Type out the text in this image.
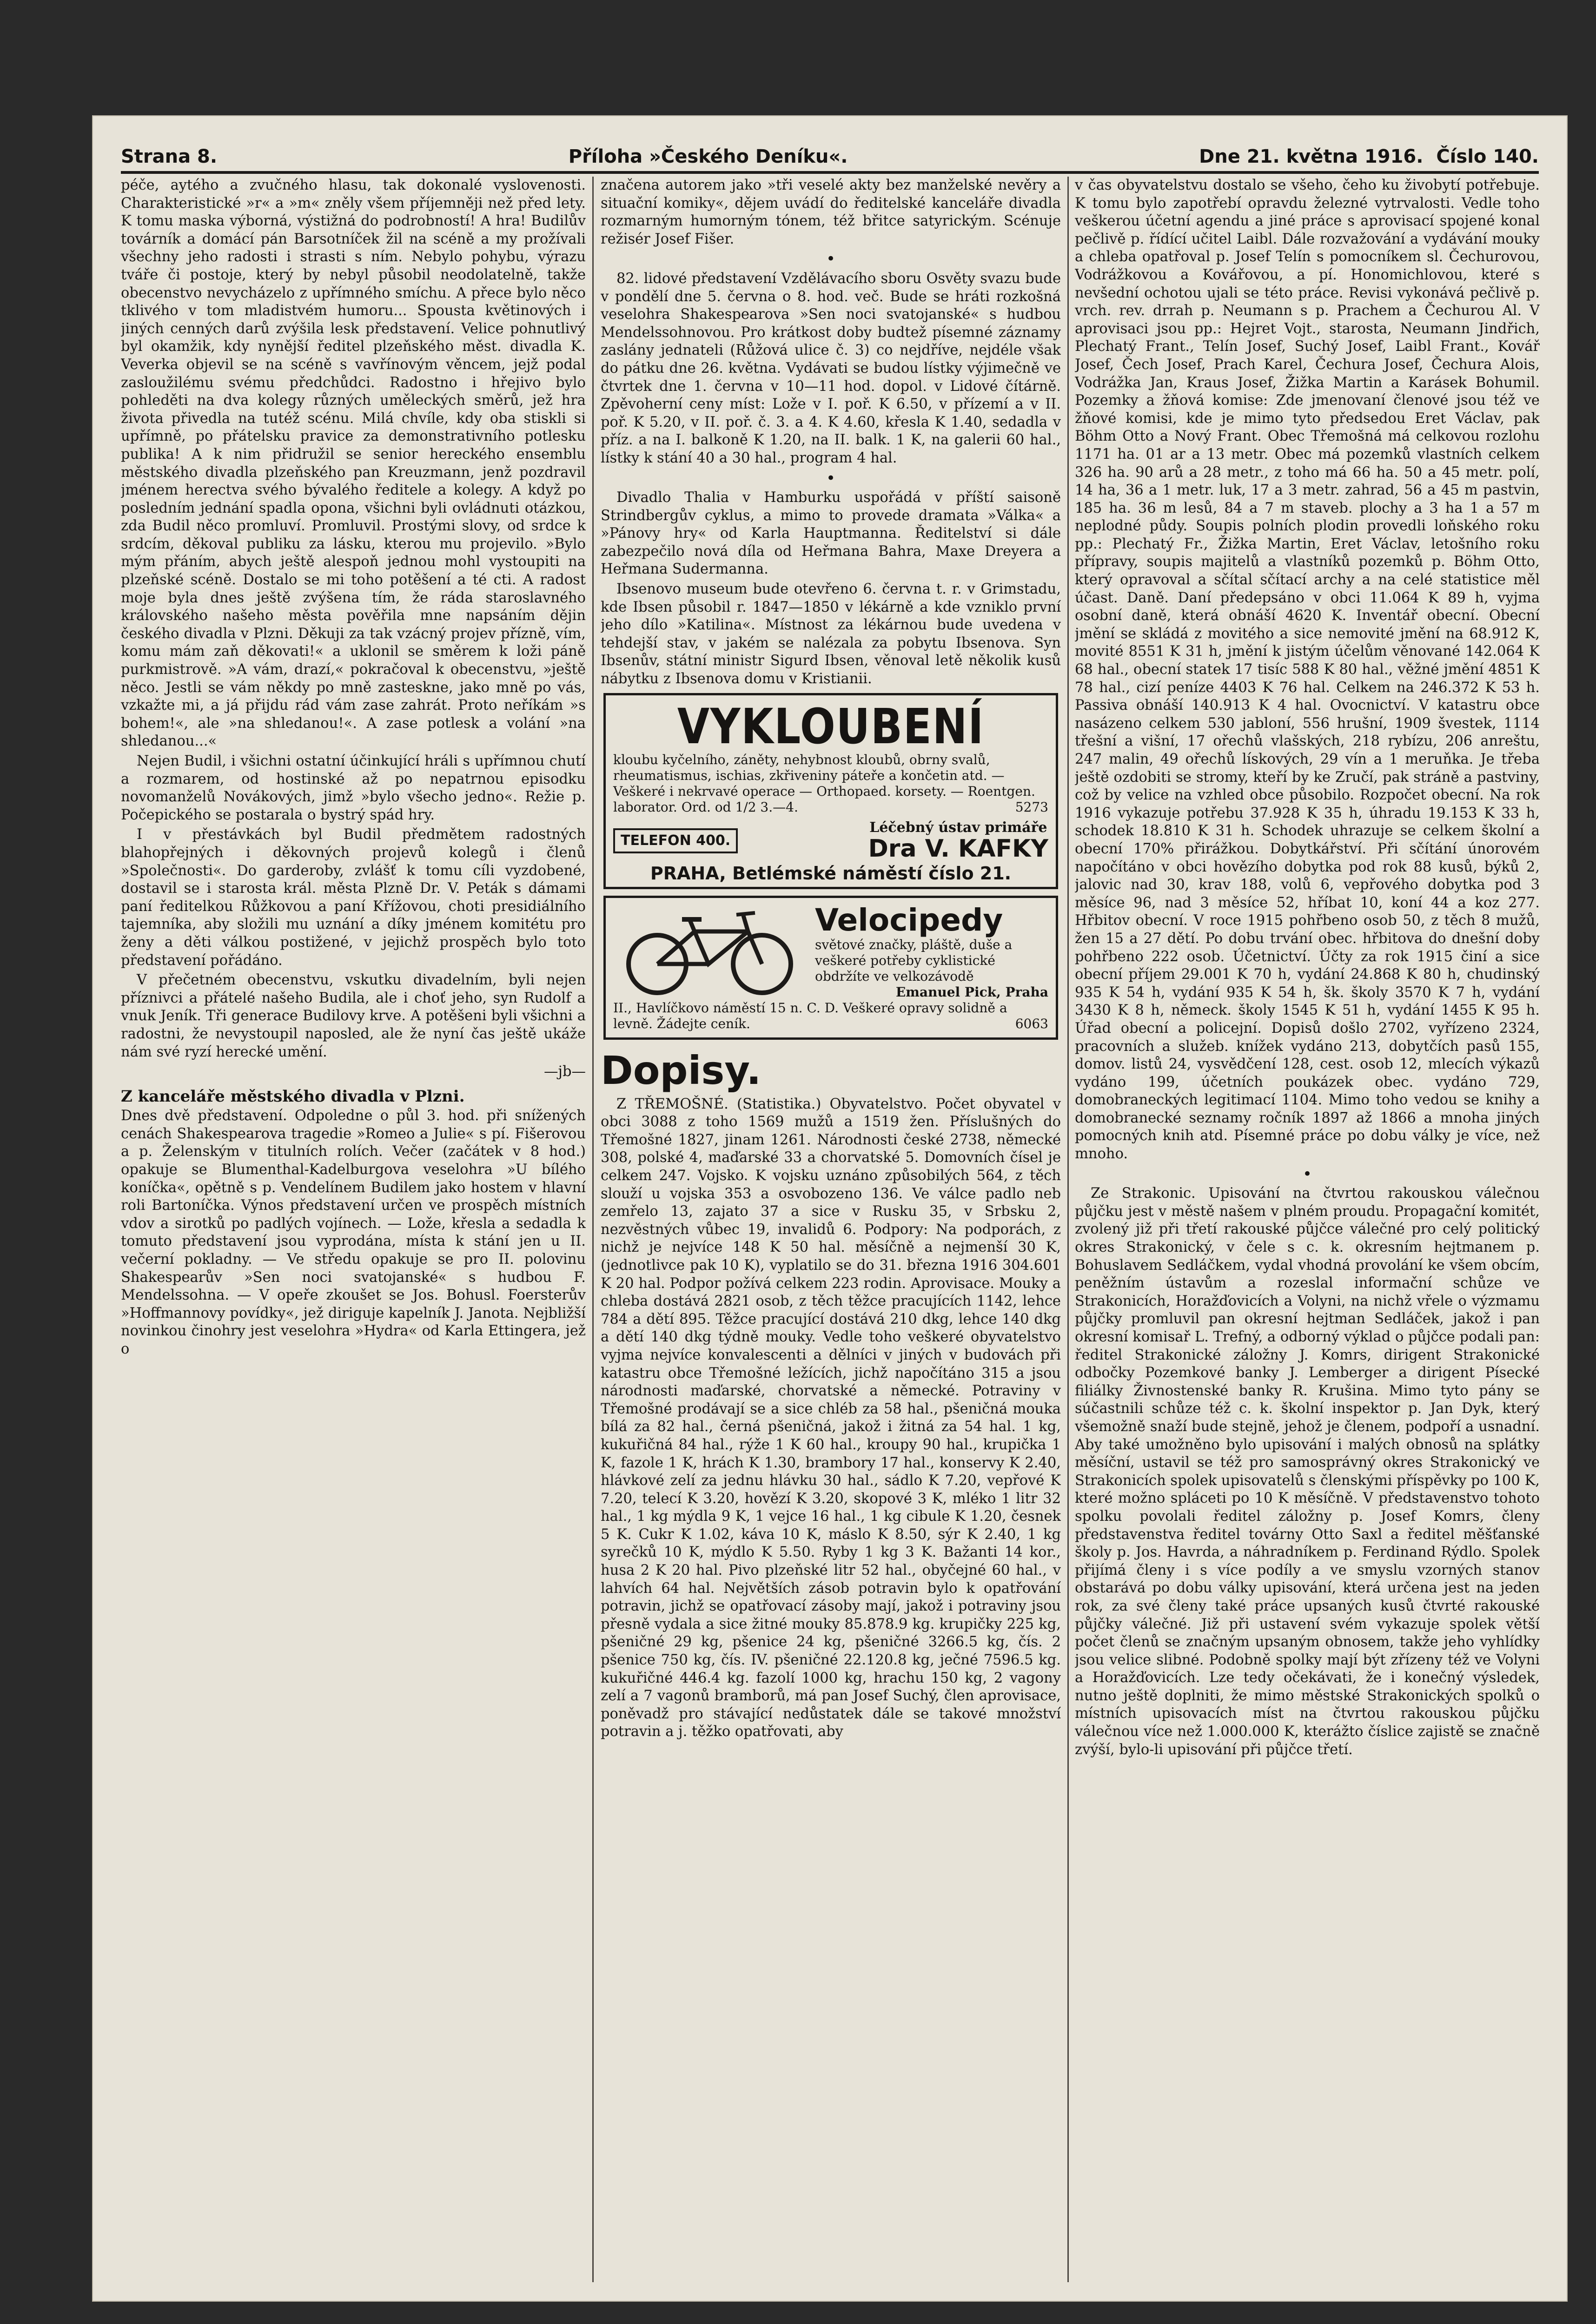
Strana 8.	Příloha »Českého Deníku«.	Dne 21. května 1916. Číslo 140.

péče, aytého a zvučného hlasu, tak dokonalé vyslovenosti. Charakteristické »r« a »m« zněly všem příjemněji než před lety. K tomu maska výborná, výstižná do podrobností! A hra! Budilův továrník a domácí pán Barsotníček žil na scéně a my prožívali všechny jeho radosti i strasti s ním. Nebylo pohybu, výrazu tváře či postoje, který by nebyl působil neodolatelně, takže obecenstvo nevycházelo z upřímného smíchu. A přece bylo něco tklivého v tom mladistvém humoru... Spousta květinových i jiných cenných darů zvýšila lesk představení. Velice pohnutlivý byl okamžik, kdy nynější ředitel plzeňského měst. divadla K. Veverka objevil se na scéně s vavřínovým věncem, jejž podal zasloužilému svému předchůdci. Radostno i hřejivo bylo pohleděti na dva kolegy různých uměleckých směrů, jež hra života přivedla na tutéž scénu. Milá chvíle, kdy oba stiskli si upřímně, po přátelsku pravice za demonstrativního potlesku publika! A k nim přidružil se senior hereckého ensemblu městského divadla plzeňského pan Kreuzmann, jenž pozdravil jménem herectva svého bývalého ředitele a kolegy. A když po posledním jednání spadla opona, všichni byli ovládnuti otázkou, zda Budil něco promluví. Promluvil. Prostými slovy, od srdce k srdcím, děkoval publiku za lásku, kterou mu projevilo. »Bylo mým přáním, abych ještě alespoň jednou mohl vystoupiti na plzeňské scéně. Dostalo se mi toho potěšení a té cti. A radost moje byla dnes ještě zvýšena tím, že ráda staroslavného královského našeho města pověřila mne napsáním dějin českého divadla v Plzni. Děkuji za tak vzácný projev přízně, vím, komu mám zaň děkovati!« a uklonil se směrem k loži páně purkmistrově. »A vám, drazí,« pokračoval k obecenstvu, »ještě něco. Jestli se vám někdy po mně zasteskne, jako mně po vás, vzkažte mi, a já přijdu rád vám zase zahrát. Proto neříkám »s bohem!«, ale »na shledanou!«. A zase potlesk a volání »na shledanou...«

Nejen Budil, i všichni ostatní účinkující hráli s upřímnou chutí a rozmarem, od hostinské až po nepatrnou episodku novomanželů Novákových, jimž »bylo všecho jedno«. Režie p. Počepického se postarala o bystrý spád hry.

I v přestávkách byl Budil předmětem radostných blahopřejných i děkovných projevů kolegů i členů »Společnosti«. Do garderoby, zvlášť k tomu cíli vyzdobené, dostavil se i starosta král. města Plzně Dr. V. Peták s dámami paní ředitelkou Růžkovou a paní Křížovou, choti presidiálního tajemníka, aby složili mu uznání a díky jménem komitétu pro ženy a děti válkou postižené, v jejichž prospěch bylo toto představení pořádáno.

V přečetném obecenstvu, vskutku divadelním, byli nejen příznivci a přátelé našeho Budila, ale i choť jeho, syn Rudolf a vnuk Jeník. Tři generace Budilovy krve. A potěšeni byli všichni a radostni, že nevystoupil naposled, ale že nyní čas ještě ukáže nám své ryzí herecké umění.

—jb—

Z kanceláře městského divadla v Plzni.

Dnes dvě představení. Odpoledne o půl 3. hod. při snížených cenách Shakespearova tragedie »Romeo a Julie« s pí. Fišerovou a p. Želenským v titulních rolích. Večer (začátek v 8 hod.) opakuje se Blumenthal-Kadelburgova veselohra »U bílého koníčka«, opětně s p. Vendelínem Budilem jako hostem v hlavní roli Bartoníčka. Výnos představení určen ve prospěch místních vdov a sirotků po padlých vojínech. — Lože, křesla a sedadla k tomuto představení jsou vyprodána, místa k stání jen u II. večerní pokladny. — Ve středu opakuje se pro II. polovinu Shakespearův »Sen noci svatojanské« s hudbou F. Mendelssohna. — V opeře zkoušet se Jos. Bohusl. Foersterův »Hoffmannovy povídky«, jež diriguje kapelník J. Janota. Nejbližší novinkou činohry jest veselohra »Hydra« od Karla Ettingera, jež o

značena autorem jako »tři veselé akty bez manželské nevěry a situační komiky«, dějem uvádí do ředitelské kanceláře divadla rozmarným humorným tónem, též břitce satyrickým. Scénuje režisér Josef Fišer.

•

82. lidové představení Vzdělávacího sboru Osvěty svazu bude v pondělí dne 5. června o 8. hod. več. Bude se hráti rozkošná veselohra Shakespearova »Sen noci svatojanské« s hudbou Mendelssohnovou. Pro krátkost doby budtež písemné záznamy zaslány jednateli (Růžová ulice č. 3) co nejdříve, nejdéle však do pátku dne 26. května. Vydávati se budou lístky výjimečně ve čtvrtek dne 1. června v 10—11 hod. dopol. v Lidové čítárně. Zpěvoherní ceny míst: Lože v I. poř. K 6.50, v přízemí a v II. poř. K 5.20, v II. poř. č. 3. a 4. K 4.60, křesla K 1.40, sedadla v příz. a na I. balkoně K 1.20, na II. balk. 1 K, na galerii 60 hal., lístky k stání 40 a 30 hal., program 4 hal.

•

Divadlo Thalia v Hamburku uspořádá v příští saisoně Strindbergův cyklus, a mimo to provede dramata »Válka« a »Pánovy hry« od Karla Hauptmanna. Ředitelství si dále zabezpečilo nová díla od Heřmana Bahra, Maxe Dreyera a Heřmana Sudermanna.

Ibsenovo museum bude otevřeno 6. června t. r. v Grimstadu, kde Ibsen působil r. 1847—1850 v lékárně a kde vzniklo první jeho dílo »Katilina«. Místnost za lékárnou bude uvedena v tehdejší stav, v jakém se nalézala za pobytu Ibsenova. Syn Ibsenův, státní ministr Sigurd Ibsen, věnoval letě několik kusů nábytku z Ibsenova domu v Kristianii.

VYKLOUBENÍ
kloubu kyčelního, záněty, nehybnost kloubů, obrny svalů, rheumatismus, ischias, zkřiveniny páteře a končetin atd. — Veškeré i nekrvavé operace — Orthopaed. korsety. — Roentgen. laborator. Ord. od 1/2 3.—4.	5273
TELEFON 400.
Léčebný ústav primáře
Dra V. KAFKY
PRAHA, Betlémské náměstí číslo 21.
Velocipedy
světové značky, pláště, duše a veškeré potřeby cyklistické obdržíte ve velkozávodě
Emanuel Pick, Praha
II., Havlíčkovo náměstí 15 n. C. D. Veškeré opravy solidně a levně. Žádejte ceník.	6063
Dopisy.

Z TŘEMOŠNÉ. (Statistika.) Obyvatelstvo. Počet obyvatel v obci 3088 z toho 1569 mužů a 1519 žen. Příslušných do Třemošné 1827, jinam 1261. Národnosti české 2738, německé 308, polské 4, maďarské 33 a chorvatské 5. Domovních čísel je celkem 247. Vojsko. K vojsku uznáno způsobilých 564, z těch slouží u vojska 353 a osvobozeno 136. Ve válce padlo neb zemřelo 13, zajato 37 a sice v Rusku 35, v Srbsku 2, nezvěstných vůbec 19, invalidů 6. Podpory: Na podporách, z nichž je nejvíce 148 K 50 hal. měsíčně a nejmenší 30 K, (jednotlivce pak 10 K), vyplatilo se do 31. března 1916 304.601 K 20 hal. Podpor požívá celkem 223 rodin. Aprovisace. Mouky a chleba dostává 2821 osob, z těch těžce pracujících 1142, lehce 784 a dětí 895. Těžce pracující dostává 210 dkg, lehce 140 dkg a dětí 140 dkg týdně mouky. Vedle toho veškeré obyvatelstvo vyjma nejvíce konvalescenti a dělníci v jiných v budovách při katastru obce Třemošné ležících, jichž napočítáno 315 a jsou národnosti maďarské, chorvatské a německé. Potraviny v Třemošné prodávají se a sice chléb za 58 hal., pšeničná mouka bílá za 82 hal., černá pšeničná, jakož i žitná za 54 hal. 1 kg, kukuřičná 84 hal., rýže 1 K 60 hal., kroupy 90 hal., krupička 1 K, fazole 1 K, hrách K 1.30, brambory 17 hal., konservy K 2.40, hlávkové zelí za jednu hlávku 30 hal., sádlo K 7.20, vepřové K 7.20, telecí K 3.20, hovězí K 3.20, skopové 3 K, mléko 1 litr 32 hal., 1 kg mýdla 9 K, 1 vejce 16 hal., 1 kg cibule K 1.20, česnek 5 K. Cukr K 1.02, káva 10 K, máslo K 8.50, sýr K 2.40, 1 kg syrečků 10 K, mýdlo K 5.50. Ryby 1 kg 3 K. Bažanti 14 kor., husa 2 K 20 hal. Pivo plzeňské litr 52 hal., obyčejné 60 hal., v lahvích 64 hal. Největších zásob potravin bylo k opatřování potravin, jichž se opatřovací zásoby mají, jakož i potraviny jsou přesně vydala a sice žitné mouky 85.878.9 kg. krupičky 225 kg, pšeničné 29 kg, pšenice 24 kg, pšeničné 3266.5 kg, čís. 2 pšenice 750 kg, čís. IV. pšeničné 22.120.8 kg, ječné 7596.5 kg. kukuřičné 446.4 kg. fazolí 1000 kg, hrachu 150 kg, 2 vagony zelí a 7 vagonů bramborů, má pan Josef Suchý, člen aprovisace, poněvadž pro stávající nedůstatek dále se takové množství potravin a j. těžko opatřovati, aby

v čas obyvatelstvu dostalo se všeho, čeho ku živobytí potřebuje. K tomu bylo zapotřebí opravdu železné vytrvalosti. Vedle toho veškerou účetní agendu a jiné práce s aprovisací spojené konal pečlivě p. řídící učitel Laibl. Dále rozvažování a vydávání mouky a chleba opatřoval p. Josef Telín s pomocníkem sl. Čechurovou, Vodrážkovou a Kovářovou, a pí. Honomichlovou, které s nevšední ochotou ujali se této práce. Revisi vykonává pečlivě p. vrch. rev. drrah p. Neumann s p. Prachem a Čechurou Al. V aprovisaci jsou pp.: Hejret Vojt., starosta, Neumann Jindřich, Plechatý Frant., Telín Josef, Suchý Josef, Laibl Frant., Kovář Josef, Čech Josef, Prach Karel, Čechura Josef, Čechura Alois, Vodrážka Jan, Kraus Josef, Žižka Martin a Karásek Bohumil. Pozemky a žňová komise: Zde jmenovaní členové jsou též ve žňové komisi, kde je mimo tyto předsedou Eret Václav, pak Böhm Otto a Nový Frant. Obec Třemošná má celkovou rozlohu 1171 ha. 01 ar a 13 metr. Obec má pozemků vlastních celkem 326 ha. 90 arů a 28 metr., z toho má 66 ha. 50 a 45 metr. polí, 14 ha, 36 a 1 metr. luk, 17 a 3 metr. zahrad, 56 a 45 m pastvin, 185 ha. 36 m lesů, 84 a 7 m staveb. plochy a 3 ha 1 a 57 m neplodné půdy. Soupis polních plodin provedli loňského roku pp.: Plechatý Fr., Žižka Martin, Eret Václav, letošního roku přípravy, soupis majitelů a vlastníků pozemků p. Böhm Otto, který opravoval a sčítal sčítací archy a na celé statistice měl účast. Daně. Daní předepsáno v obci 11.064 K 89 h, vyjma osobní daně, která obnáší 4620 K. Inventář obecní. Obecní jmění se skládá z movitého a sice nemovité jmění na 68.912 K, movité 8551 K 31 h, jmění k jistým účelům věnované 142.064 K 68 hal., obecní statek 17 tisíc 588 K 80 hal., věžné jmění 4851 K 78 hal., cizí peníze 4403 K 76 hal. Celkem na 246.372 K 53 h. Passiva obnáší 140.913 K 4 hal. Ovocnictví. V katastru obce nasázeno celkem 530 jabloní, 556 hrušní, 1909 švestek, 1114 třešní a višní, 17 ořechů vlašských, 218 rybízu, 206 anreštu, 247 malin, 49 ořechů lískových, 29 vín a 1 meruňka. Je třeba ještě ozdobiti se stromy, kteří by ke Zručí, pak stráně a pastviny, což by velice na vzhled obce působilo. Rozpočet obecní. Na rok 1916 vykazuje potřebu 37.928 K 35 h, úhradu 19.153 K 33 h, schodek 18.810 K 31 h. Schodek uhrazuje se celkem školní a obecní 170% přirážkou. Dobytkářství. Při sčítání únorovém napočítáno v obci hovězího dobytka pod rok 88 kusů, býků 2, jalovic nad 30, krav 188, volů 6, vepřového dobytka pod 3 měsíce 96, nad 3 měsíce 52, hříbat 10, koní 44 a koz 277. Hřbitov obecní. V roce 1915 pohřbeno osob 50, z těch 8 mužů, žen 15 a 27 dětí. Po dobu trvání obec. hřbitova do dnešní doby pohřbeno 222 osob. Účetnictví. Účty za rok 1915 činí a sice obecní příjem 29.001 K 70 h, vydání 24.868 K 80 h, chudinský 935 K 54 h, vydání 935 K 54 h, šk. školy 3570 K 7 h, vydání 3430 K 8 h, německ. školy 1545 K 51 h, vydání 1455 K 95 h. Úřad obecní a policejní. Dopisů došlo 2702, vyřízeno 2324, pracovních a služeb. knížek vydáno 213, dobytčích pasů 155, domov. listů 24, vysvědčení 128, cest. osob 12, mlecích výkazů vydáno 199, účetních poukázek obec. vydáno 729, domobraneckých legitimací 1104. Mimo toho vedou se knihy a domobranecké seznamy ročník 1897 až 1866 a mnoha jiných pomocných knih atd. Písemné práce po dobu války je více, než mnoho.

•

Ze Strakonic. Upisování na čtvrtou rakouskou válečnou půjčku jest v městě našem v plném proudu. Propagační komitét, zvolený již při třetí rakouské půjčce válečné pro celý politický okres Strakonický, v čele s c. k. okresním hejtmanem p. Bohuslavem Sedláčkem, vydal vhodná provolání ke všem obcím, peněžním ústavům a rozeslal informační schůze ve Strakonicích, Horažďovicích a Volyni, na nichž vřele o výzmamu půjčky promluvil pan okresní hejtman Sedláček, jakož i pan okresní komisař L. Trefný, a odborný výklad o půjčce podali pan: ředitel Strakonické záložny J. Komrs, dirigent Strakonické odbočky Pozemkové banky J. Lemberger a dirigent Písecké filiálky Živnostenské banky R. Krušina. Mimo tyto pány se súčastnili schůze též c. k. školní inspektor p. Jan Dyk, který všemožně snaží bude stejně, jehož je členem, podpoří a usnadní. Aby také umožněno bylo upisování i malých obnosů na splátky měsíční, ustavil se též pro samosprávný okres Strakonický ve Strakonicích spolek upisovatelů s členskými příspěvky po 100 K, které možno spláceti po 10 K měsíčně. V představenstvo tohoto spolku povolali ředitel záložny p. Josef Komrs, členy představenstva ředitel továrny Otto Saxl a ředitel měšťanské školy p. Jos. Havrda, a náhradníkem p. Ferdinand Rýdlo. Spolek přijímá členy i s více podíly a ve smyslu vzorných stanov obstarává po dobu války upisování, která určena jest na jeden rok, za své členy také práce upsaných kusů čtvrté rakouské půjčky válečné. Již při ustavení svém vykazuje spolek větší počet členů se značným upsaným obnosem, takže jeho vyhlídky jsou velice slibné. Podobně spolky mají být zřízeny též ve Volyni a Horažďovicích. Lze tedy očekávati, že i konečný výsledek, nutno ještě doplniti, že mimo městské Strakonických spolků o místních upisovacích míst na čtvrtou rakouskou půjčku válečnou více než 1.000.000 K, kterážto číslice zajistě se značně zvýší, bylo-li upisování při půjčce třetí.
